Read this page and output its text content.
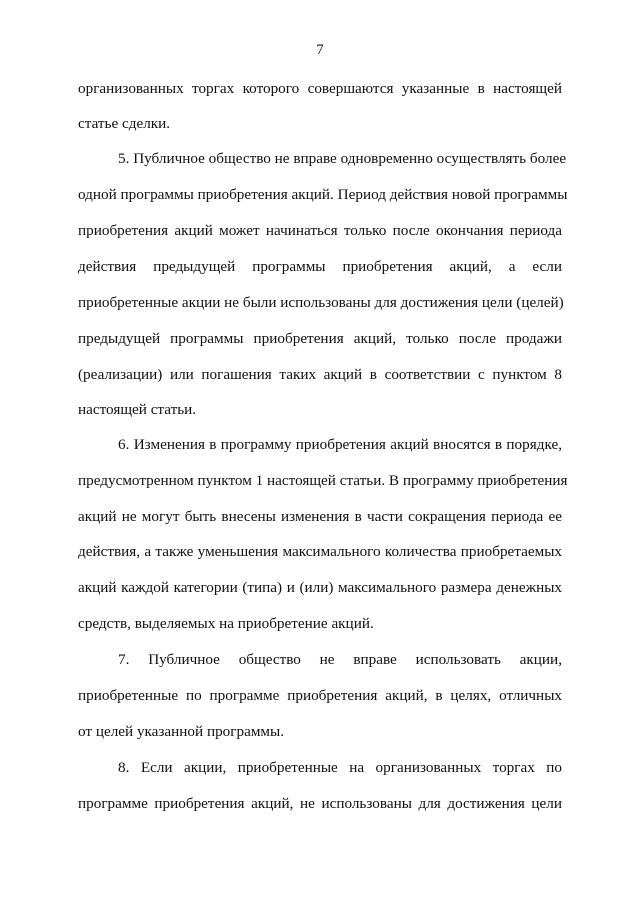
7
организованных торгах которого совершаются указанные в настоящей
статье сделки.
5. Публичное общество не вправе одновременно осуществлять более
одной программы приобретения акций. Период действия новой программы
приобретения акций может начинаться только после окончания периода
действия предыдущей программы приобретения акций, а если
приобретенные акции не были использованы для достижения цели (целей)
предыдущей программы приобретения акций, только после продажи
(реализации) или погашения таких акций в соответствии с пунктом 8
настоящей статьи.
6. Изменения в программу приобретения акций вносятся в порядке,
предусмотренном пунктом 1 настоящей статьи. В программу приобретения
акций не могут быть внесены изменения в части сокращения периода ее
действия, а также уменьшения максимального количества приобретаемых
акций каждой категории (типа) и (или) максимального размера денежных
средств, выделяемых на приобретение акций.
7. Публичное общество не вправе использовать акции,
приобретенные по программе приобретения акций, в целях, отличных
от целей указанной программы.
8. Если акции, приобретенные на организованных торгах по
программе приобретения акций, не использованы для достижения цели
